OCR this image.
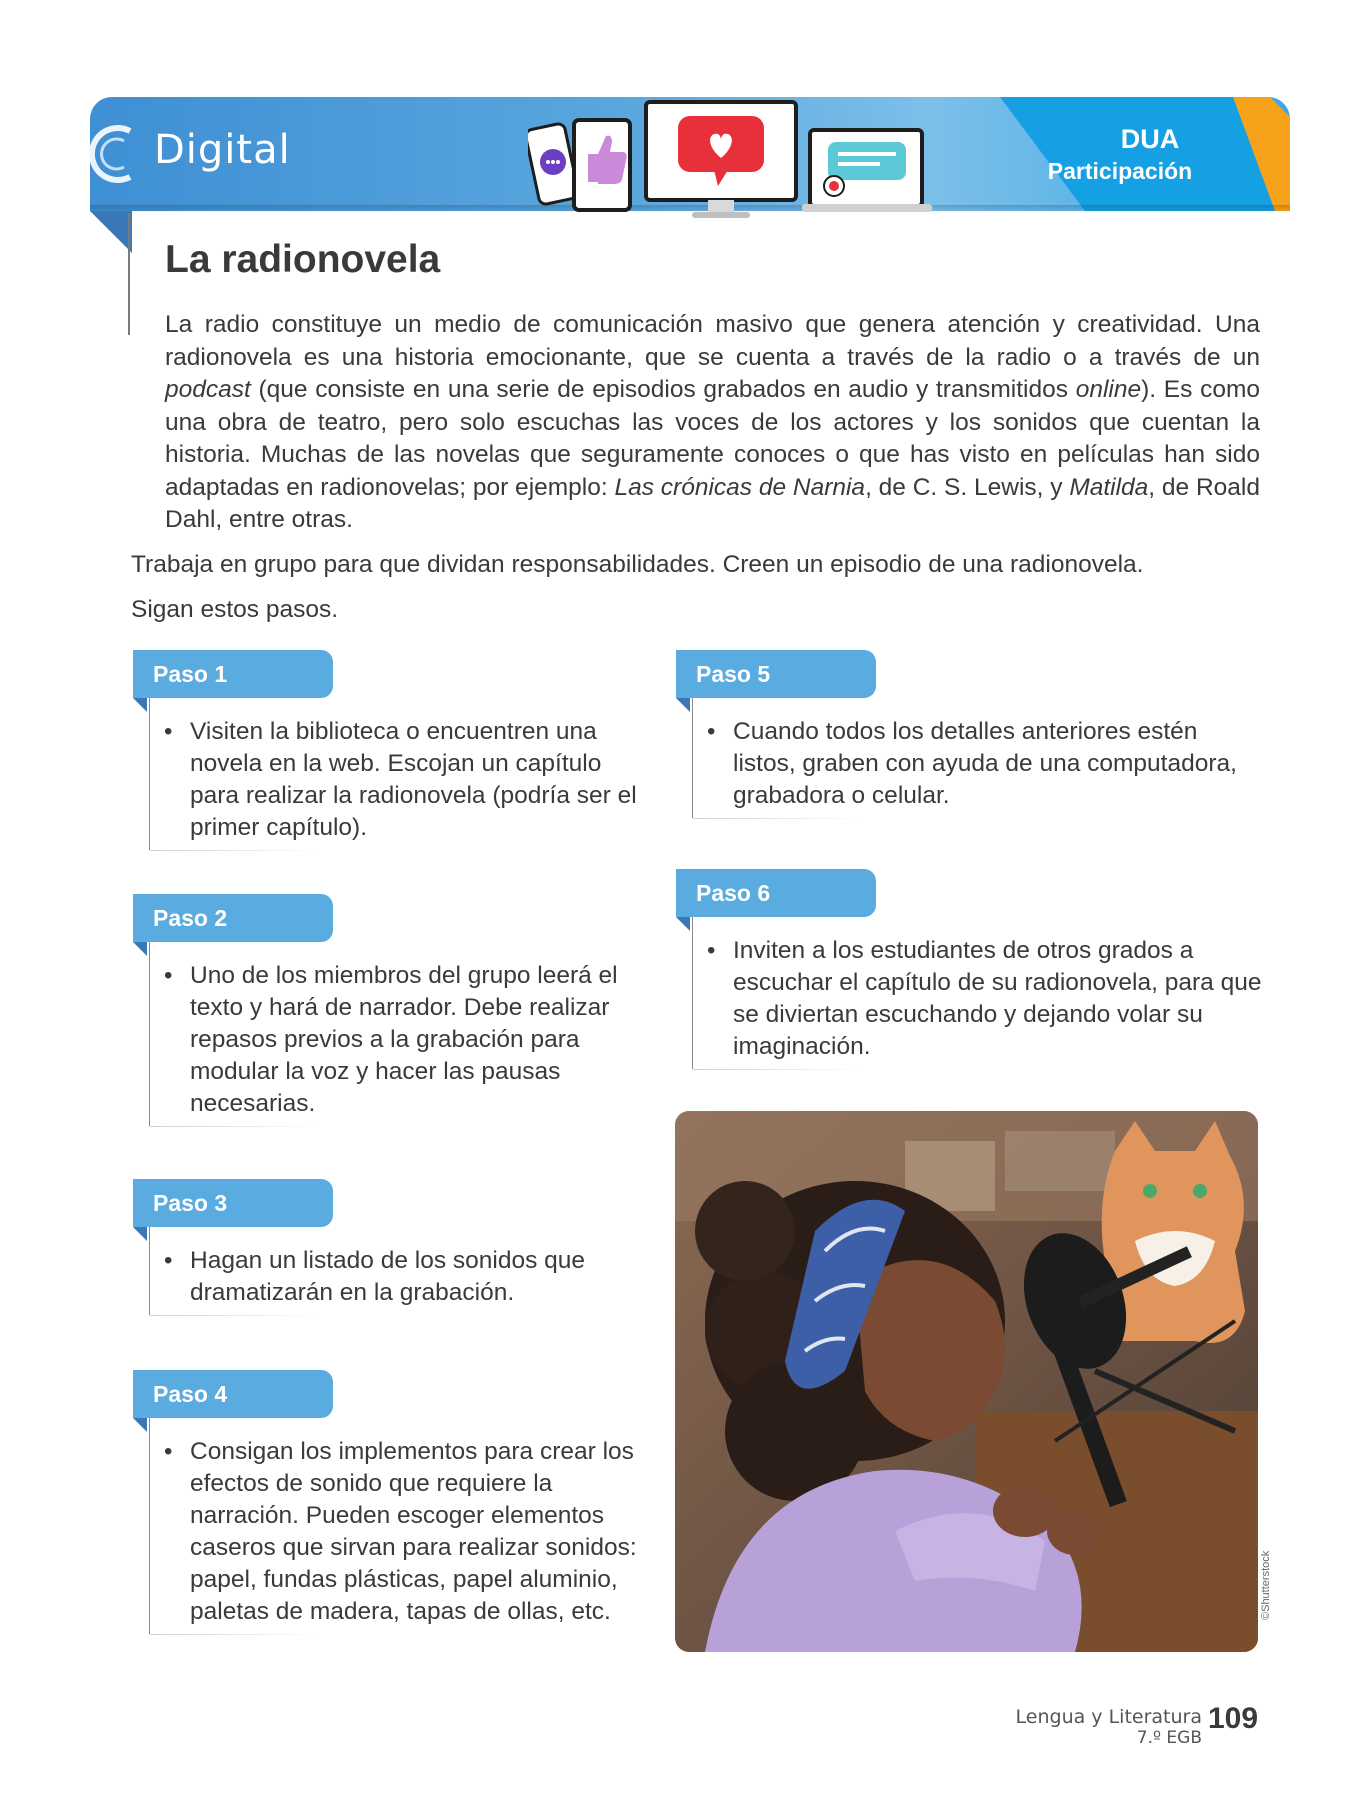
Digital	DUA
Participación
La radionovela

La radio constituye un medio de comunicación masivo que genera atención y creatividad. Una radionovela es una historia emocionante, que se cuenta a través de la radio o a través de un podcast (que consiste en una serie de episodios grabados en audio y transmitidos online). Es como una obra de teatro, pero solo escuchas las voces de los actores y los sonidos que cuentan la historia. Muchas de las novelas que seguramente conoces o que has visto en películas han sido adaptadas en radionovelas; por ejemplo: Las crónicas de Narnia, de C. S. Lewis, y Matilda, de Roald Dahl, entre otras.

Trabaja en grupo para que dividan responsabilidades. Creen un episodio de una radionovela.

Sigan estos pasos.

Paso 1

• Visiten la biblioteca o encuentren una novela en la web. Escojan un capítulo para realizar la radionovela (podría ser el primer capítulo).

Paso 2

• Uno de los miembros del grupo leerá el texto y hará de narrador. Debe realizar repasos previos a la grabación para modular la voz y hacer las pausas necesarias.

Paso 3

• Hagan un listado de los sonidos que dramatizarán en la grabación.

Paso 4

• Consigan los implementos para crear los efectos de sonido que requiere la narración. Pueden escoger elementos caseros que sirvan para realizar sonidos: papel, fundas plásticas, papel aluminio, paletas de madera, tapas de ollas, etc.

Paso 5

• Cuando todos los detalles anteriores estén listos, graben con ayuda de una computadora, grabadora o celular.

Paso 6

• Inviten a los estudiantes de otros grados a escuchar el capítulo de su radionovela, para que se diviertan escuchando y dejando volar su imaginación.

©Shutterstock
Lengua y Literatura
7.º EGB
109
